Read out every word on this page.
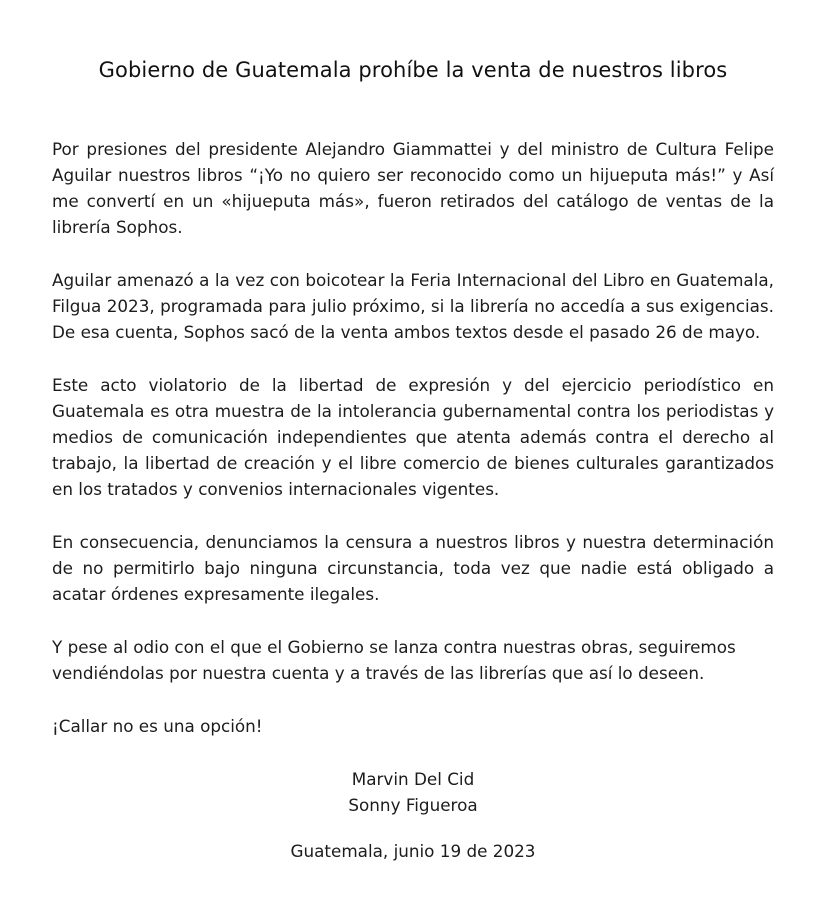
Gobierno de Guatemala prohíbe la venta de nuestros libros

Por presiones del presidente Alejandro Giammattei y del ministro de Cultura Felipe Aguilar nuestros libros “¡Yo no quiero ser reconocido como un hijueputa más!” y Así me convertí en un «hijueputa más», fueron retirados del catálogo de ventas de la librería Sophos.

Aguilar amenazó a la vez con boicotear la Feria Internacional del Libro en Guatemala, Filgua 2023, programada para julio próximo, si la librería no accedía a sus exigencias. De esa cuenta, Sophos sacó de la venta ambos textos desde el pasado 26 de mayo.

Este acto violatorio de la libertad de expresión y del ejercicio periodístico en Guatemala es otra muestra de la intolerancia gubernamental contra los periodistas y medios de comunicación independientes que atenta además contra el derecho al trabajo, la libertad de creación y el libre comercio de bienes culturales garantizados en los tratados y convenios internacionales vigentes.

En consecuencia, denunciamos la censura a nuestros libros y nuestra determinación de no permitirlo bajo ninguna circunstancia, toda vez que nadie está obligado a acatar órdenes expresamente ilegales.

Y pese al odio con el que el Gobierno se lanza contra nuestras obras, seguiremos vendiéndolas por nuestra cuenta y a través de las librerías que así lo deseen.

¡Callar no es una opción!

Marvin Del Cid
Sonny Figueroa
Guatemala, junio 19 de 2023
